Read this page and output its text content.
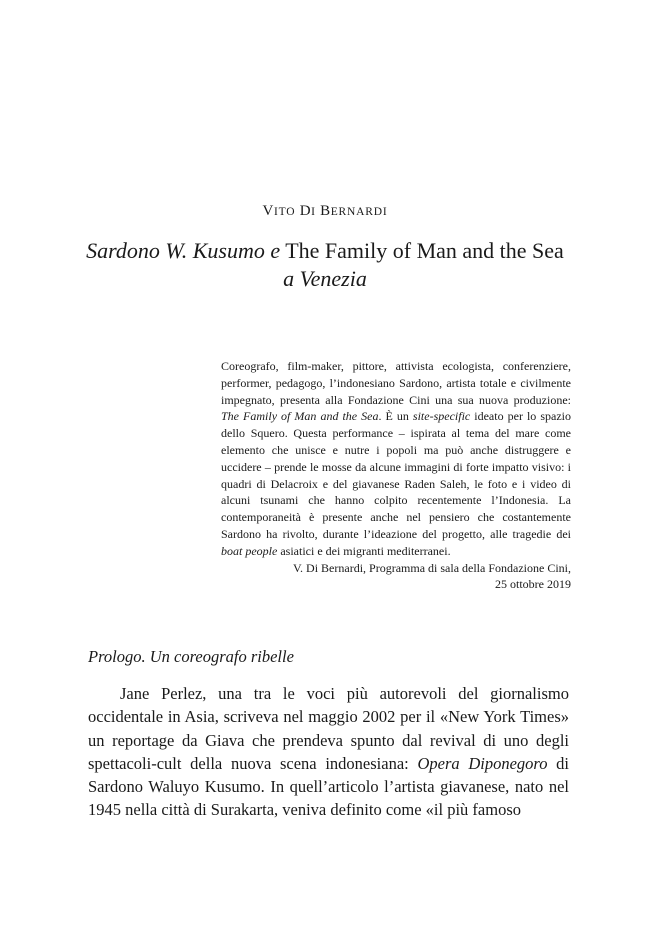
VITO DI BERNARDI
Sardono W. Kusumo e The Family of Man and the Sea
a Venezia

Coreografo, film-maker, pittore, attivista ecologista, conferenziere, performer, pedagogo, l’indonesiano Sardono, artista totale e civilmente impegnato, presenta alla Fondazione Cini una sua nuova produzione: The Family of Man and the Sea. È un site-specific ideato per lo spazio dello Squero. Questa performance – ispirata al tema del mare come elemento che unisce e nutre i popoli ma può anche distruggere e uccidere – prende le mosse da alcune immagini di forte impatto visivo: i quadri di Delacroix e del giavanese Raden Saleh, le foto e i video di alcuni tsunami che hanno colpito recentemente l’Indonesia. La contemporaneità è presente anche nel pensiero che costantemente Sardono ha rivolto, durante l’ideazione del progetto, alle tragedie dei boat people asiatici e dei migranti mediterranei.

V. Di Bernardi, Programma di sala della Fondazione Cini,
25 ottobre 2019

Prologo. Un coreografo ribelle

Jane Perlez, una tra le voci più autorevoli del giornalismo occidentale in Asia, scriveva nel maggio 2002 per il «New York Times» un reportage da Giava che prendeva spunto dal revival di uno degli spettacoli-cult della nuova scena indonesiana: Opera Diponegoro di Sardono Waluyo Kusumo. In quell’articolo l’artista giavanese, nato nel 1945 nella città di Surakarta, veniva definito come «il più famoso
